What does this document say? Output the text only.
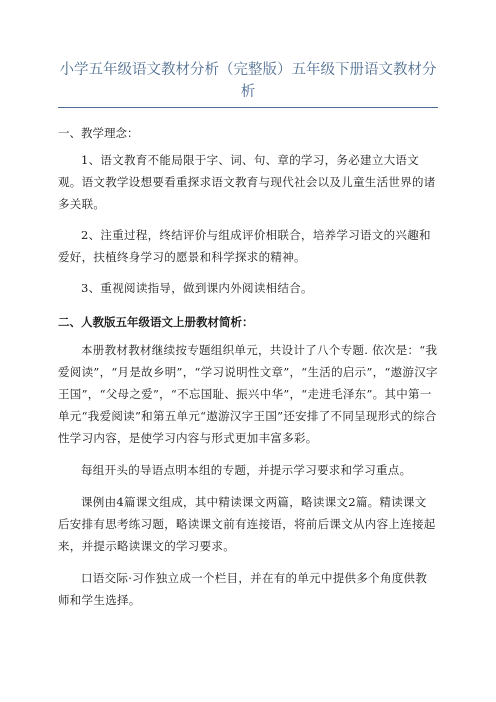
小学五年级语文教材分析（完整版）五年级下册语文教材分析

一、教学理念：

1、语文教育不能局限于字、词、句、章的学习，务必建立大语文观。语文教学设想要看重探求语文教育与现代社会以及儿童生活世界的诸多关联。

2、注重过程，终结评价与组成评价相联合，培养学习语文的兴趣和爱好，扶植终身学习的愿景和科学探求的精神。

3、重视阅读指导，做到课内外阅读相结合。

二、人教版五年级语文上册教材简析：

本册教材教材继续按专题组织单元，共设计了八个专题. 依次是：“我爱阅读”，“月是故乡明”，“学习说明性文章”，“生活的启示”，“遨游汉字王国”，“父母之爱”，“不忘国耻、振兴中华”，“走进毛泽东”。其中第一单元“我爱阅读”和第五单元“遨游汉字王国”还安排了不同呈现形式的综合性学习内容，是使学习内容与形式更加丰富多彩。

每组开头的导语点明本组的专题，并提示学习要求和学习重点。

课例由4篇课文组成，其中精读课文两篇，略读课文2篇。精读课文后安排有思考练习题，略读课文前有连接语，将前后课文从内容上连接起来，并提示略读课文的学习要求。

口语交际·习作独立成一个栏目，并在有的单元中提供多个角度供教师和学生选择。
